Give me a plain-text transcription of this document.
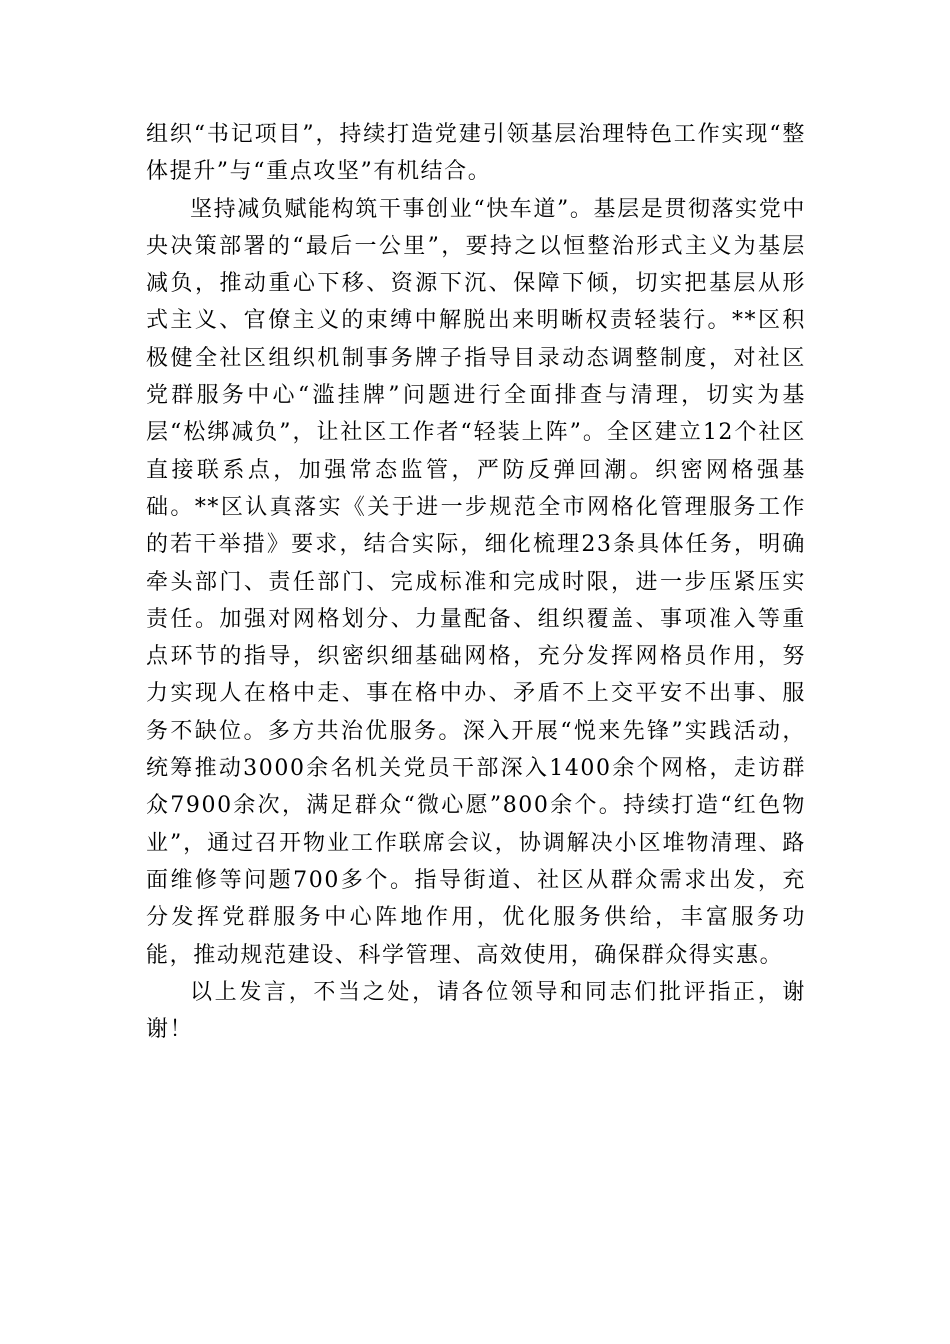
组织“书记项目”，持续打造党建引领基层治理特色工作实现“整体提升”与“重点攻坚”有机结合。

坚持减负赋能构筑干事创业“快车道”。基层是贯彻落实党中央决策部署的“最后一公里”，要持之以恒整治形式主义为基层减负，推动重心下移、资源下沉、保障下倾，切实把基层从形式主义、官僚主义的束缚中解脱出来明晰权责轻装行。**区积极健全社区组织机制事务牌子指导目录动态调整制度，对社区党群服务中心“滥挂牌”问题进行全面排查与清理，切实为基层“松绑减负”，让社区工作者“轻装上阵”。全区建立12个社区直接联系点，加强常态监管，严防反弹回潮。织密网格强基础。**区认真落实《关于进一步规范全市网格化管理服务工作的若干举措》要求，结合实际，细化梳理23条具体任务，明确牵头部门、责任部门、完成标准和完成时限，进一步压紧压实责任。加强对网格划分、力量配备、组织覆盖、事项准入等重点环节的指导，织密织细基础网格，充分发挥网格员作用，努力实现人在格中走、事在格中办、矛盾不上交平安不出事、服务不缺位。多方共治优服务。深入开展“悦来先锋”实践活动，统筹推动3000余名机关党员干部深入1400余个网格，走访群众7900余次，满足群众“微心愿”800余个。持续打造“红色物业”，通过召开物业工作联席会议，协调解决小区堆物清理、路面维修等问题700多个。指导街道、社区从群众需求出发，充分发挥党群服务中心阵地作用，优化服务供给，丰富服务功能，推动规范建设、科学管理、高效使用，确保群众得实惠。

以上发言，不当之处，请各位领导和同志们批评指正，谢谢！
